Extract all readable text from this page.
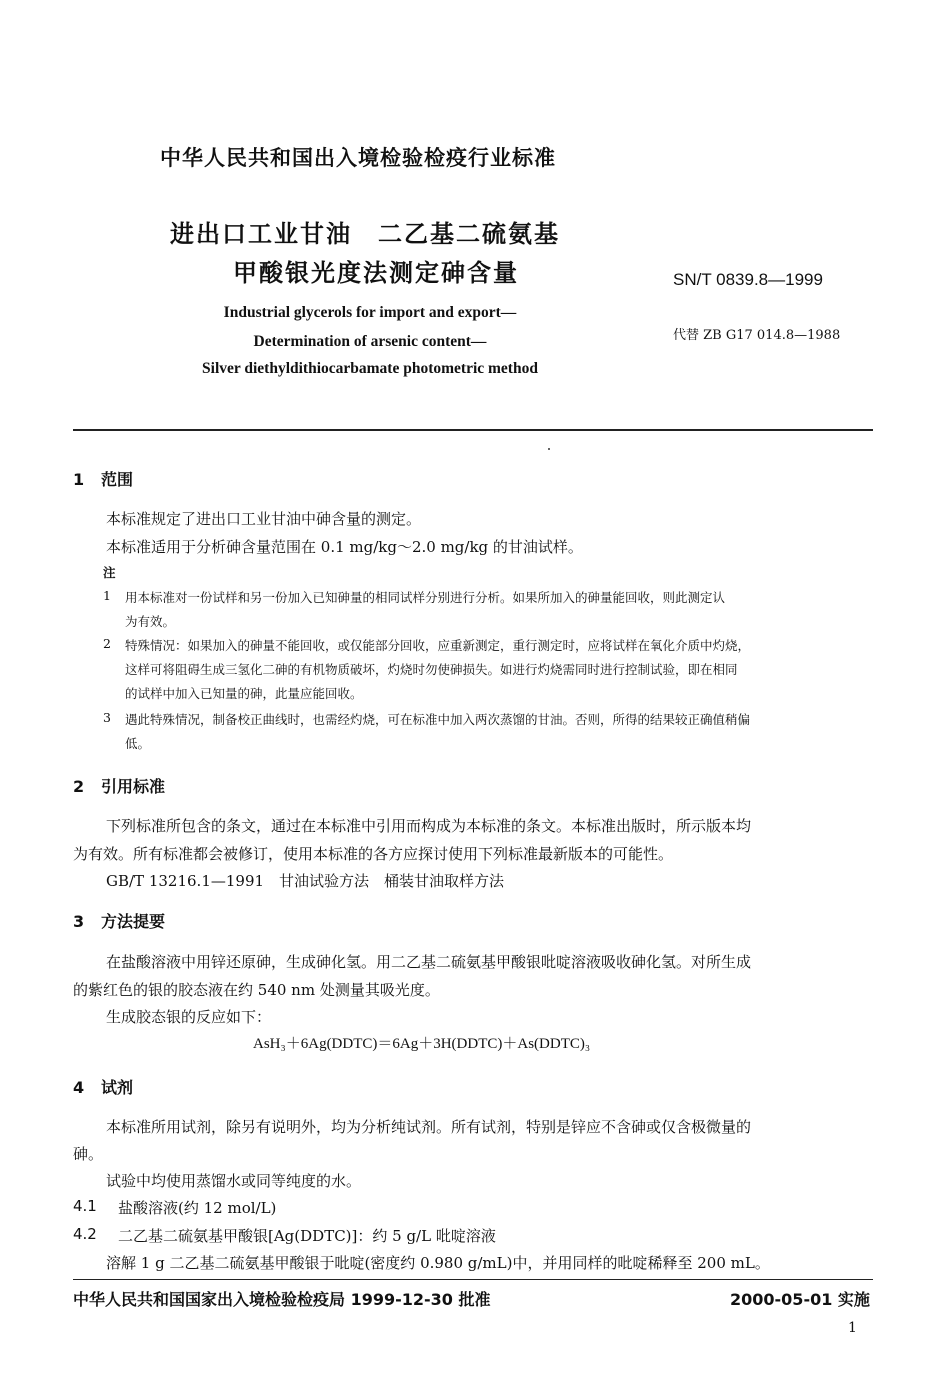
中华人民共和国出入境检验检疫行业标准
进出口工业甘油　二乙基二硫氨基
甲酸银光度法测定砷含量	SN/T 0839.8—1999
代替 ZB G17 014.8—1988
Industrial glycerols for import and export—
Determination of arsenic content—
Silver diethyldithiocarbamate photometric method
1 范围
本标准规定了进出口工业甘油中砷含量的测定。
本标准适用于分析砷含量范围在 0.1 mg/kg～2.0 mg/kg 的甘油试样。
注
1 用本标准对一份试样和另一份加入已知砷量的相同试样分别进行分析。如果所加入的砷量能回收，则此测定认
为有效。
2 特殊情况：如果加入的砷量不能回收，或仅能部分回收，应重新测定，重行测定时，应将试样在氧化介质中灼烧，
这样可将阻碍生成三氢化二砷的有机物质破坏，灼烧时勿使砷损失。如进行灼烧需同时进行控制试验，即在相同
的试样中加入已知量的砷，此量应能回收。
3 遇此特殊情况，制备校正曲线时，也需经灼烧，可在标准中加入两次蒸馏的甘油。否则，所得的结果较正确值稍偏
低。
2 引用标准
下列标准所包含的条文，通过在本标准中引用而构成为本标准的条文。本标准出版时，所示版本均
为有效。所有标准都会被修订，使用本标准的各方应探讨使用下列标准最新版本的可能性。
GB/T 13216.1—1991　甘油试验方法　桶装甘油取样方法
3 方法提要
在盐酸溶液中用锌还原砷，生成砷化氢。用二乙基二硫氨基甲酸银吡啶溶液吸收砷化氢。对所生成
的紫红色的银的胶态液在约 540 nm 处测量其吸光度。
生成胶态银的反应如下：
AsH₃＋6Ag(DDTC)＝6Ag＋3H(DDTC)＋As(DDTC)₃
4 试剂
本标准所用试剂，除另有说明外，均为分析纯试剂。所有试剂，特别是锌应不含砷或仅含极微量的
砷。
试验中均使用蒸馏水或同等纯度的水。
4.1 盐酸溶液(约 12 mol/L)
4.2 二乙基二硫氨基甲酸银[Ag(DDTC)]：约 5 g/L 吡啶溶液
溶解 1 g 二乙基二硫氨基甲酸银于吡啶(密度约 0.980 g/mL)中，并用同样的吡啶稀释至 200 mL。
中华人民共和国国家出入境检验检疫局 1999-12-30 批准	2000-05-01 实施
1
